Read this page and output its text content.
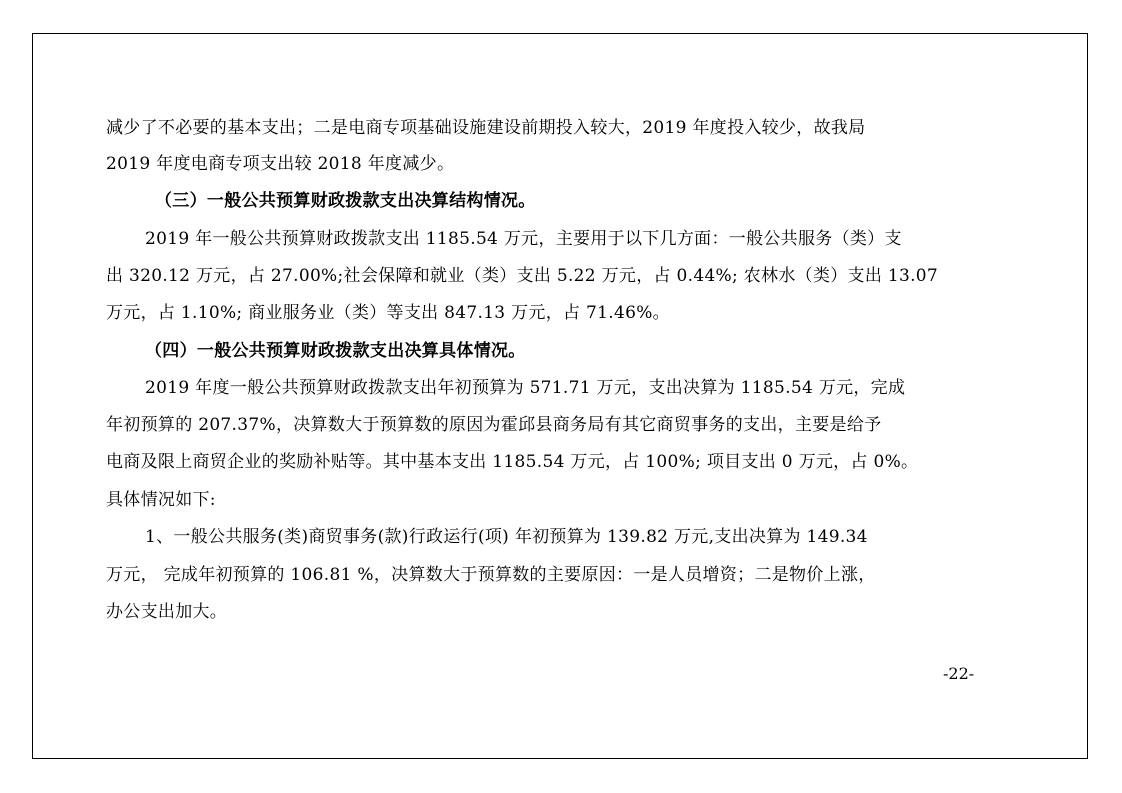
减少了不必要的基本支出；二是电商专项基础设施建设前期投入较大，2019 年度投入较少，故我局
2019 年度电商专项支出较 2018 年度减少。
（三）一般公共预算财政拨款支出决算结构情况。
2019 年一般公共预算财政拨款支出 1185.54 万元，主要用于以下几方面：一般公共服务（类）支
出 320.12 万元，占 27.00%;社会保障和就业（类）支出 5.22 万元，占 0.44%; 农林水（类）支出 13.07
万元，占 1.10%; 商业服务业（类）等支出 847.13 万元，占 71.46%。
（四）一般公共预算财政拨款支出决算具体情况。
2019 年度一般公共预算财政拨款支出年初预算为 571.71 万元，支出决算为 1185.54 万元，完成
年初预算的 207.37%，决算数大于预算数的原因为霍邱县商务局有其它商贸事务的支出，主要是给予
电商及限上商贸企业的奖励补贴等。其中基本支出 1185.54 万元，占 100%; 项目支出 0 万元，占 0%。
具体情况如下:
1、一般公共服务(类)商贸事务(款)行政运行(项) 年初预算为 139.82 万元,支出决算为 149.34
万元， 完成年初预算的 106.81 %，决算数大于预算数的主要原因：一是人员增资；二是物价上涨，
办公支出加大。
-22-
